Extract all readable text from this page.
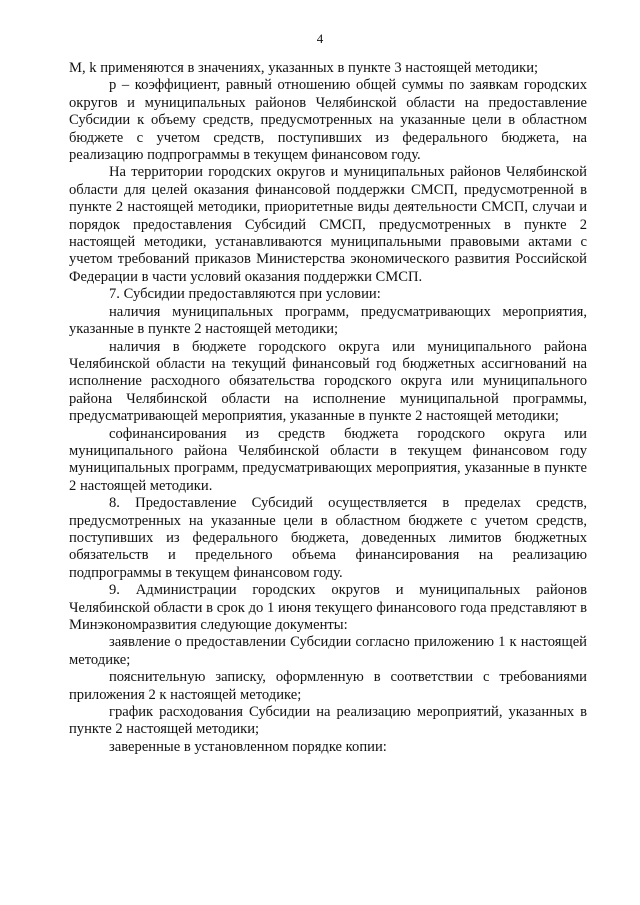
4

M, k применяются в значениях, указанных в пункте 3 настоящей методики;

p – коэффициент, равный отношению общей суммы по заявкам городских округов и муниципальных районов Челябинской области на предоставление Субсидии к объему средств, предусмотренных на указанные цели в областном бюджете с учетом средств, поступивших из федерального бюджета, на реализацию подпрограммы в текущем финансовом году.

На территории городских округов и муниципальных районов Челябинской области для целей оказания финансовой поддержки СМСП, предусмотренной в пункте 2 настоящей методики, приоритетные виды деятельности СМСП, случаи и порядок предоставления Субсидий СМСП, предусмотренных в пункте 2 настоящей методики, устанавливаются муниципальными правовыми актами с учетом требований приказов Министерства экономического развития Российской Федерации в части условий оказания поддержки СМСП.

7. Субсидии предоставляются при условии:

наличия муниципальных программ, предусматривающих мероприятия, указанные в пункте 2 настоящей методики;

наличия в бюджете городского округа или муниципального района Челябинской области на текущий финансовый год бюджетных ассигнований на исполнение расходного обязательства городского округа или муниципального района Челябинской области на исполнение муниципальной программы, предусматривающей мероприятия, указанные в пункте 2 настоящей методики;

софинансирования из средств бюджета городского округа или муниципального района Челябинской области в текущем финансовом году муниципальных программ, предусматривающих мероприятия, указанные в пункте 2 настоящей методики.

8. Предоставление Субсидий осуществляется в пределах средств, предусмотренных на указанные цели в областном бюджете с учетом средств, поступивших из федерального бюджета, доведенных лимитов бюджетных обязательств и предельного объема финансирования на реализацию подпрограммы в текущем финансовом году.

9. Администрации городских округов и муниципальных районов Челябинской области в срок до 1 июня текущего финансового года представляют в Минэкономразвития следующие документы:

заявление о предоставлении Субсидии согласно приложению 1 к настоящей методике;

пояснительную записку, оформленную в соответствии с требованиями приложения 2 к настоящей методике;

график расходования Субсидии на реализацию мероприятий, указанных в пункте 2 настоящей методики;

заверенные в установленном порядке копии:
